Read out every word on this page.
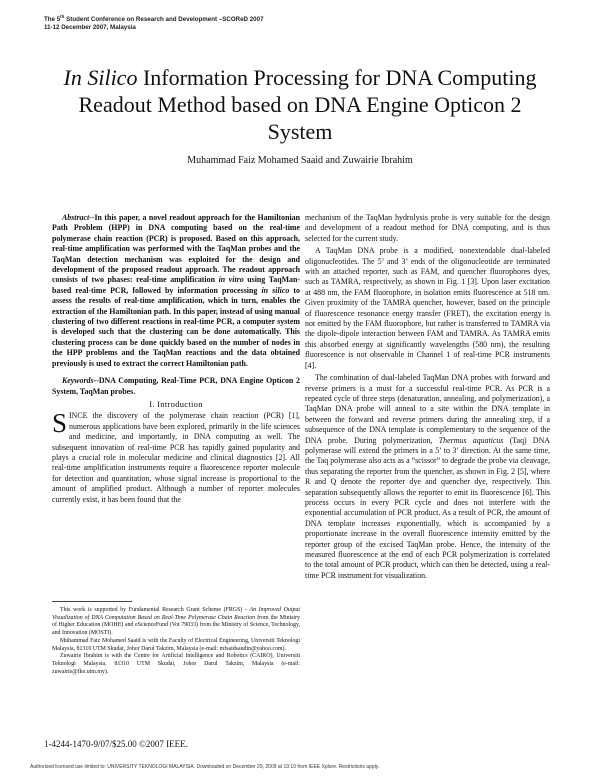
The 5th Student Conference on Research and Development –SCOReD 2007
11-12 December 2007, Malaysia
In Silico Information Processing for DNA Computing Readout Method based on DNA Engine Opticon 2 System
Muhammad Faiz Mohamed Saaid and Zuwairie Ibrahim

Abstract--In this paper, a novel readout approach for the Hamiltonian Path Problem (HPP) in DNA computing based on the real-time polymerase chain reaction (PCR) is proposed. Based on this approach, real-time amplification was performed with the TaqMan probes and the TaqMan detection mechanism was exploited for the design and development of the proposed readout approach. The readout approach consists of two phases: real-time amplification in vitro using TaqMan-based real-time PCR, followed by information processing in silico to assess the results of real-time amplification, which in turn, enables the extraction of the Hamiltonian path. In this paper, instead of using manual clustering of two different reactions in real-time PCR, a computer system is developed such that the clustering can be done automatically. This clustering process can be done quickly based on the number of nodes in the HPP problems and the TaqMan reactions and the data obtained previously is used to extract the correct Hamiltonian path.

Keywords--DNA Computing, Real-Time PCR, DNA Engine Opticon 2 System, TaqMan probes.

I. Introduction

SINCE the discovery of the polymerase chain reaction (PCR) [1], numerous applications have been explored, primarily in the life sciences and medicine, and importantly, in DNA computing as well. The subsequent innovation of real-time PCR has rapidly gained popularity and plays a crucial role in molecular medicine and clinical diagnostics [2]. All real-time amplification instruments require a fluorescence reporter molecule for detection and quantitation, whose signal increase is proportional to the amount of amplified product. Although a number of reporter molecules currently exist, it has been found that the

This work is supported by Fundamental Research Grant Scheme (FRGS) - An Improved Output Visualization of DNA Computation Based on Real-Time Polymerase Chain Reaction from the Ministry of Higher Education (MOHE) and eScienceFund (Vot 79033) from the Ministry of Science, Technology, and Innovation (MOSTI).

Muhammad Faiz Mohamed Saaid is with the Faculty of Electrical Engineering, Universiti Teknologi Malaysia, 81310 UTM Skudai, Johor Darul Takzim, Malaysia (e-mail: mfsaidsaudin@yahoo.com).

Zuwairie Ibrahim is with the Centre for Artificial Intelligence and Robotics (CAIRO), Universiti Teknologi Malaysia, 81310 UTM Skudai, Johor Darul Takzim, Malaysia (e-mail: zuwairie@fke.utm.my).

mechanism of the TaqMan hydrolysis probe is very suitable for the design and development of a readout method for DNA computing, and is thus selected for the current study.

A TaqMan DNA probe is a modified, nonextendable dual-labeled oligonucleotides. The 5’ and 3’ ends of the oligonucleotide are terminated with an attached reporter, such as FAM, and quencher fluorophores dyes, such as TAMRA, respectively, as shown in Fig. 1 [3]. Upon laser excitation at 488 nm, the FAM fluorophore, in isolation emits fluorescence at 518 nm. Given proximity of the TAMRA quencher, however, based on the principle of fluorescence resonance energy transfer (FRET), the excitation energy is not emitted by the FAM fluorophore, but rather is transferred to TAMRA via the dipole-dipole interaction between FAM and TAMRA. As TAMRA emits this absorbed energy at significantly wavelengths (580 nm), the resulting fluorescence is not observable in Channel 1 of real-time PCR instruments [4].

The combination of dual-labeled TaqMan DNA probes with forward and reverse primers is a must for a successful real-time PCR. As PCR is a repeated cycle of three steps (denaturation, annealing, and polymerization), a TaqMan DNA probe will anneal to a site within the DNA template in between the forward and reverse primers during the annealing step, if a subsequence of the DNA template is complementary to the sequence of the DNA probe. During polymerization, Thermus aquaticus (Taq) DNA polymerase will extend the primers in a 5’ to 3’ direction. At the same time, the Taq polymerase also acts as a “scissor” to degrade the probe via cleavage, thus separating the reporter from the quencher, as shown in Fig. 2 [5], where R and Q denote the reporter dye and quencher dye, respectively. This separation subsequently allows the reporter to emit its fluorescence [6]. This process occurs in every PCR cycle and does not interfere with the exponential accumulation of PCR product. As a result of PCR, the amount of DNA template increases exponentially, which is accompanied by a proportionate increase in the overall fluorescence intensity emitted by the reporter group of the excised TaqMan probe. Hence, the intensity of the measured fluorescence at the end of each PCR polymerization is correlated to the total amount of PCR product, which can then be detected, using a real-time PCR instrument for visualization.

1-4244-1470-9/07/$25.00 ©2007 IEEE.
Authorized licensed use limited to: UNIVERSITY TEKNOLOGI MALAYSIA. Downloaded on December 29, 2009 at 19:10 from IEEE Xplore. Restrictions apply.
